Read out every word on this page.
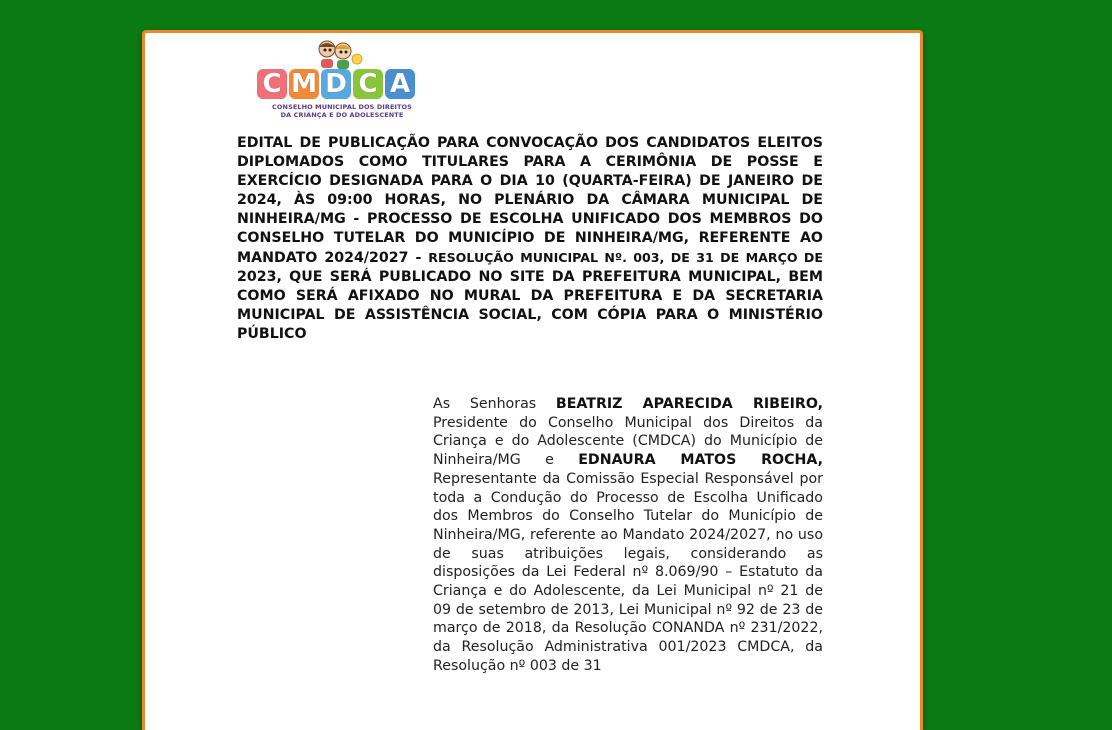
C M D C A
CONSELHO MUNICIPAL DOS DIREITOS
DA CRIANÇA E DO ADOLESCENTE

EDITAL DE PUBLICAÇÃO PARA CONVOCAÇÃO DOS CANDIDATOS ELEITOS DIPLOMADOS COMO TITULARES PARA A CERIMÔNIA DE POSSE E EXERCÍCIO DESIGNADA PARA O DIA 10 (QUARTA-FEIRA) DE JANEIRO DE 2024, ÀS 09:00 HORAS, NO PLENÁRIO DA CÂMARA MUNICIPAL DE NINHEIRA/MG - PROCESSO DE ESCOLHA UNIFICADO DOS MEMBROS DO CONSELHO TUTELAR DO MUNICÍPIO DE NINHEIRA/MG, REFERENTE AO MANDATO 2024/2027 - RESOLUÇÃO MUNICIPAL Nº. 003, DE 31 DE MARÇO DE 2023, QUE SERÁ PUBLICADO NO SITE DA PREFEITURA MUNICIPAL, BEM COMO SERÁ AFIXADO NO MURAL DA PREFEITURA E DA SECRETARIA MUNICIPAL DE ASSISTÊNCIA SOCIAL, COM CÓPIA PARA O MINISTÉRIO PÚBLICO

As Senhoras BEATRIZ APARECIDA RIBEIRO, Presidente do Conselho Municipal dos Direitos da Criança e do Adolescente (CMDCA) do Município de Ninheira/MG e EDNAURA MATOS ROCHA, Representante da Comissão Especial Responsável por toda a Condução do Processo de Escolha Unificado dos Membros do Conselho Tutelar do Município de Ninheira/MG, referente ao Mandato 2024/2027, no uso de suas atribuições legais, considerando as disposições da Lei Federal nº 8.069/90 – Estatuto da Criança e do Adolescente, da Lei Municipal nº 21 de 09 de setembro de 2013, Lei Municipal nº 92 de 23 de março de 2018, da Resolução CONANDA nº 231/2022, da Resolução Administrativa 001/2023 CMDCA, da Resolução nº 003 de 31
